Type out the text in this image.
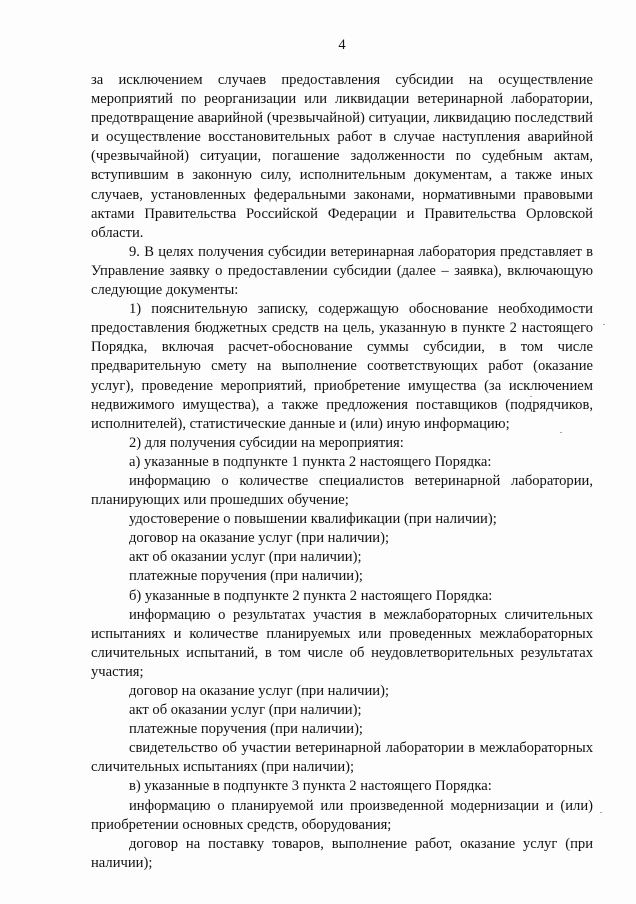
4

за исключением случаев предоставления субсидии на осуществление мероприятий по реорганизации или ликвидации ветеринарной лаборатории, предотвращение аварийной (чрезвычайной) ситуации, ликвидацию последствий и осуществление восстановительных работ в случае наступления аварийной (чрезвычайной) ситуации, погашение задолженности по судебным актам, вступившим в законную силу, исполнительным документам, а также иных случаев, установленных федеральными законами, нормативными правовыми актами Правительства Российской Федерации и Правительства Орловской области.

9. В целях получения субсидии ветеринарная лаборатория представляет в Управление заявку о предоставлении субсидии (далее – заявка), включающую следующие документы:

1) пояснительную записку, содержащую обоснование необходимости предоставления бюджетных средств на цель, указанную в пункте 2 настоящего Порядка, включая расчет-обоснование суммы субсидии, в том числе предварительную смету на выполнение соответствующих работ (оказание услуг), проведение мероприятий, приобретение имущества (за исключением недвижимого имущества), а также предложения поставщиков (подрядчиков, исполнителей), статистические данные и (или) иную информацию;

2) для получения субсидии на мероприятия:

а) указанные в подпункте 1 пункта 2 настоящего Порядка:

информацию о количестве специалистов ветеринарной лаборатории, планирующих или прошедших обучение;

удостоверение о повышении квалификации (при наличии);

договор на оказание услуг (при наличии);

акт об оказании услуг (при наличии);

платежные поручения (при наличии);

б) указанные в подпункте 2 пункта 2 настоящего Порядка:

информацию о результатах участия в межлабораторных сличительных испытаниях и количестве планируемых или проведенных межлабораторных сличительных испытаний, в том числе об неудовлетворительных результатах участия;

договор на оказание услуг (при наличии);

акт об оказании услуг (при наличии);

платежные поручения (при наличии);

свидетельство об участии ветеринарной лаборатории в межлабораторных сличительных испытаниях (при наличии);

в) указанные в подпункте 3 пункта 2 настоящего Порядка:

информацию о планируемой или произведенной модернизации и (или) приобретении основных средств, оборудования;

договор на поставку товаров, выполнение работ, оказание услуг (при наличии);
